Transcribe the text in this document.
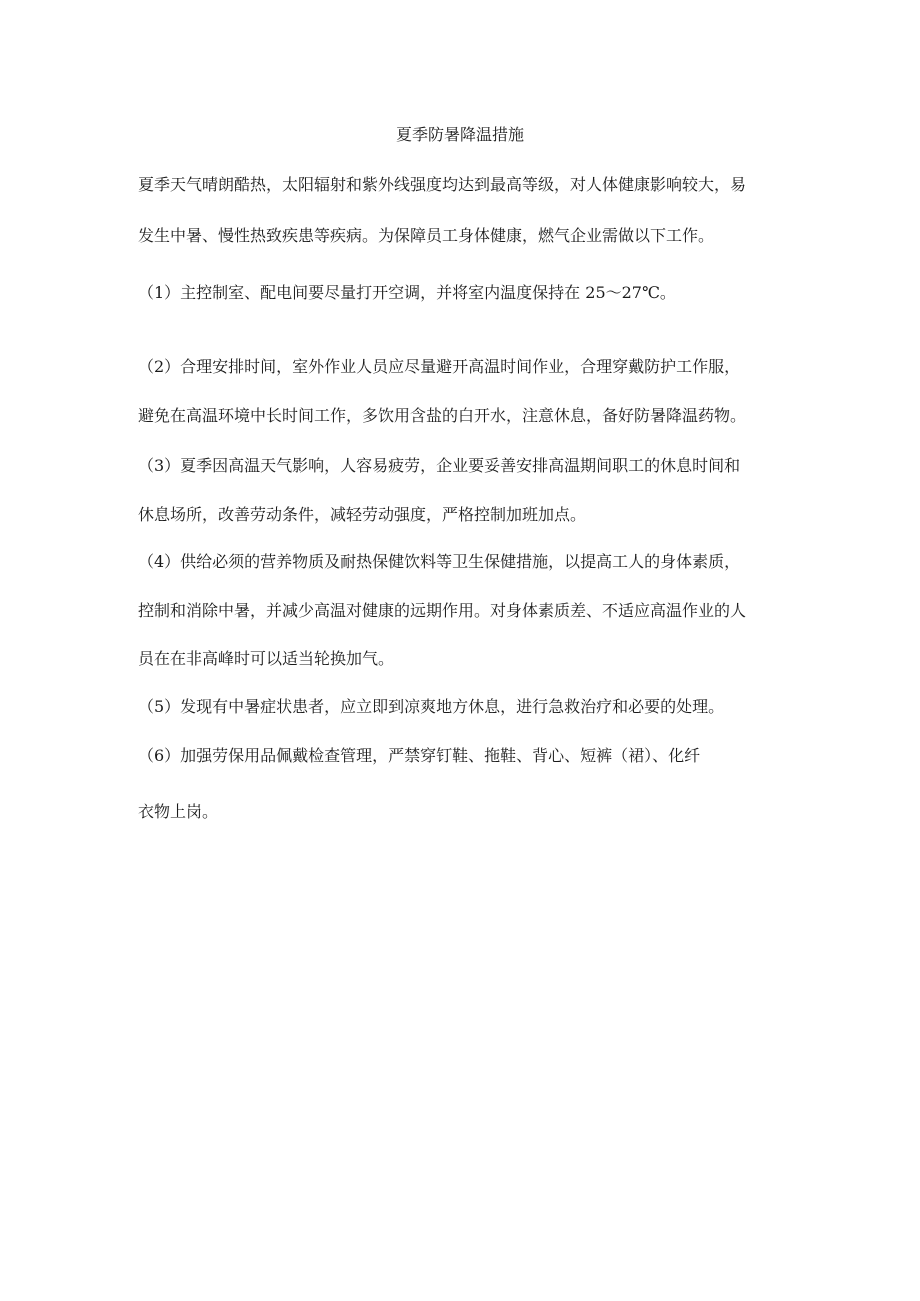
夏季防暑降温措施
夏季天气晴朗酷热，太阳辐射和紫外线强度均达到最高等级，对人体健康影响较大，易
发生中暑、慢性热致疾患等疾病。为保障员工身体健康，燃气企业需做以下工作。
（1）主控制室、配电间要尽量打开空调，并将室内温度保持在 25～27℃。
（2）合理安排时间，室外作业人员应尽量避开高温时间作业，合理穿戴防护工作服，
避免在高温环境中长时间工作，多饮用含盐的白开水，注意休息，备好防暑降温药物。
（3）夏季因高温天气影响，人容易疲劳，企业要妥善安排高温期间职工的休息时间和
休息场所，改善劳动条件，减轻劳动强度，严格控制加班加点。
（4）供给必须的营养物质及耐热保健饮料等卫生保健措施，以提高工人的身体素质，
控制和消除中暑，并减少高温对健康的远期作用。对身体素质差、不适应高温作业的人
员在在非高峰时可以适当轮换加气。
（5）发现有中暑症状患者，应立即到凉爽地方休息，进行急救治疗和必要的处理。
（6）加强劳保用品佩戴检查管理，严禁穿钉鞋、拖鞋、背心、短裤（裙）、化纤
衣物上岗。
